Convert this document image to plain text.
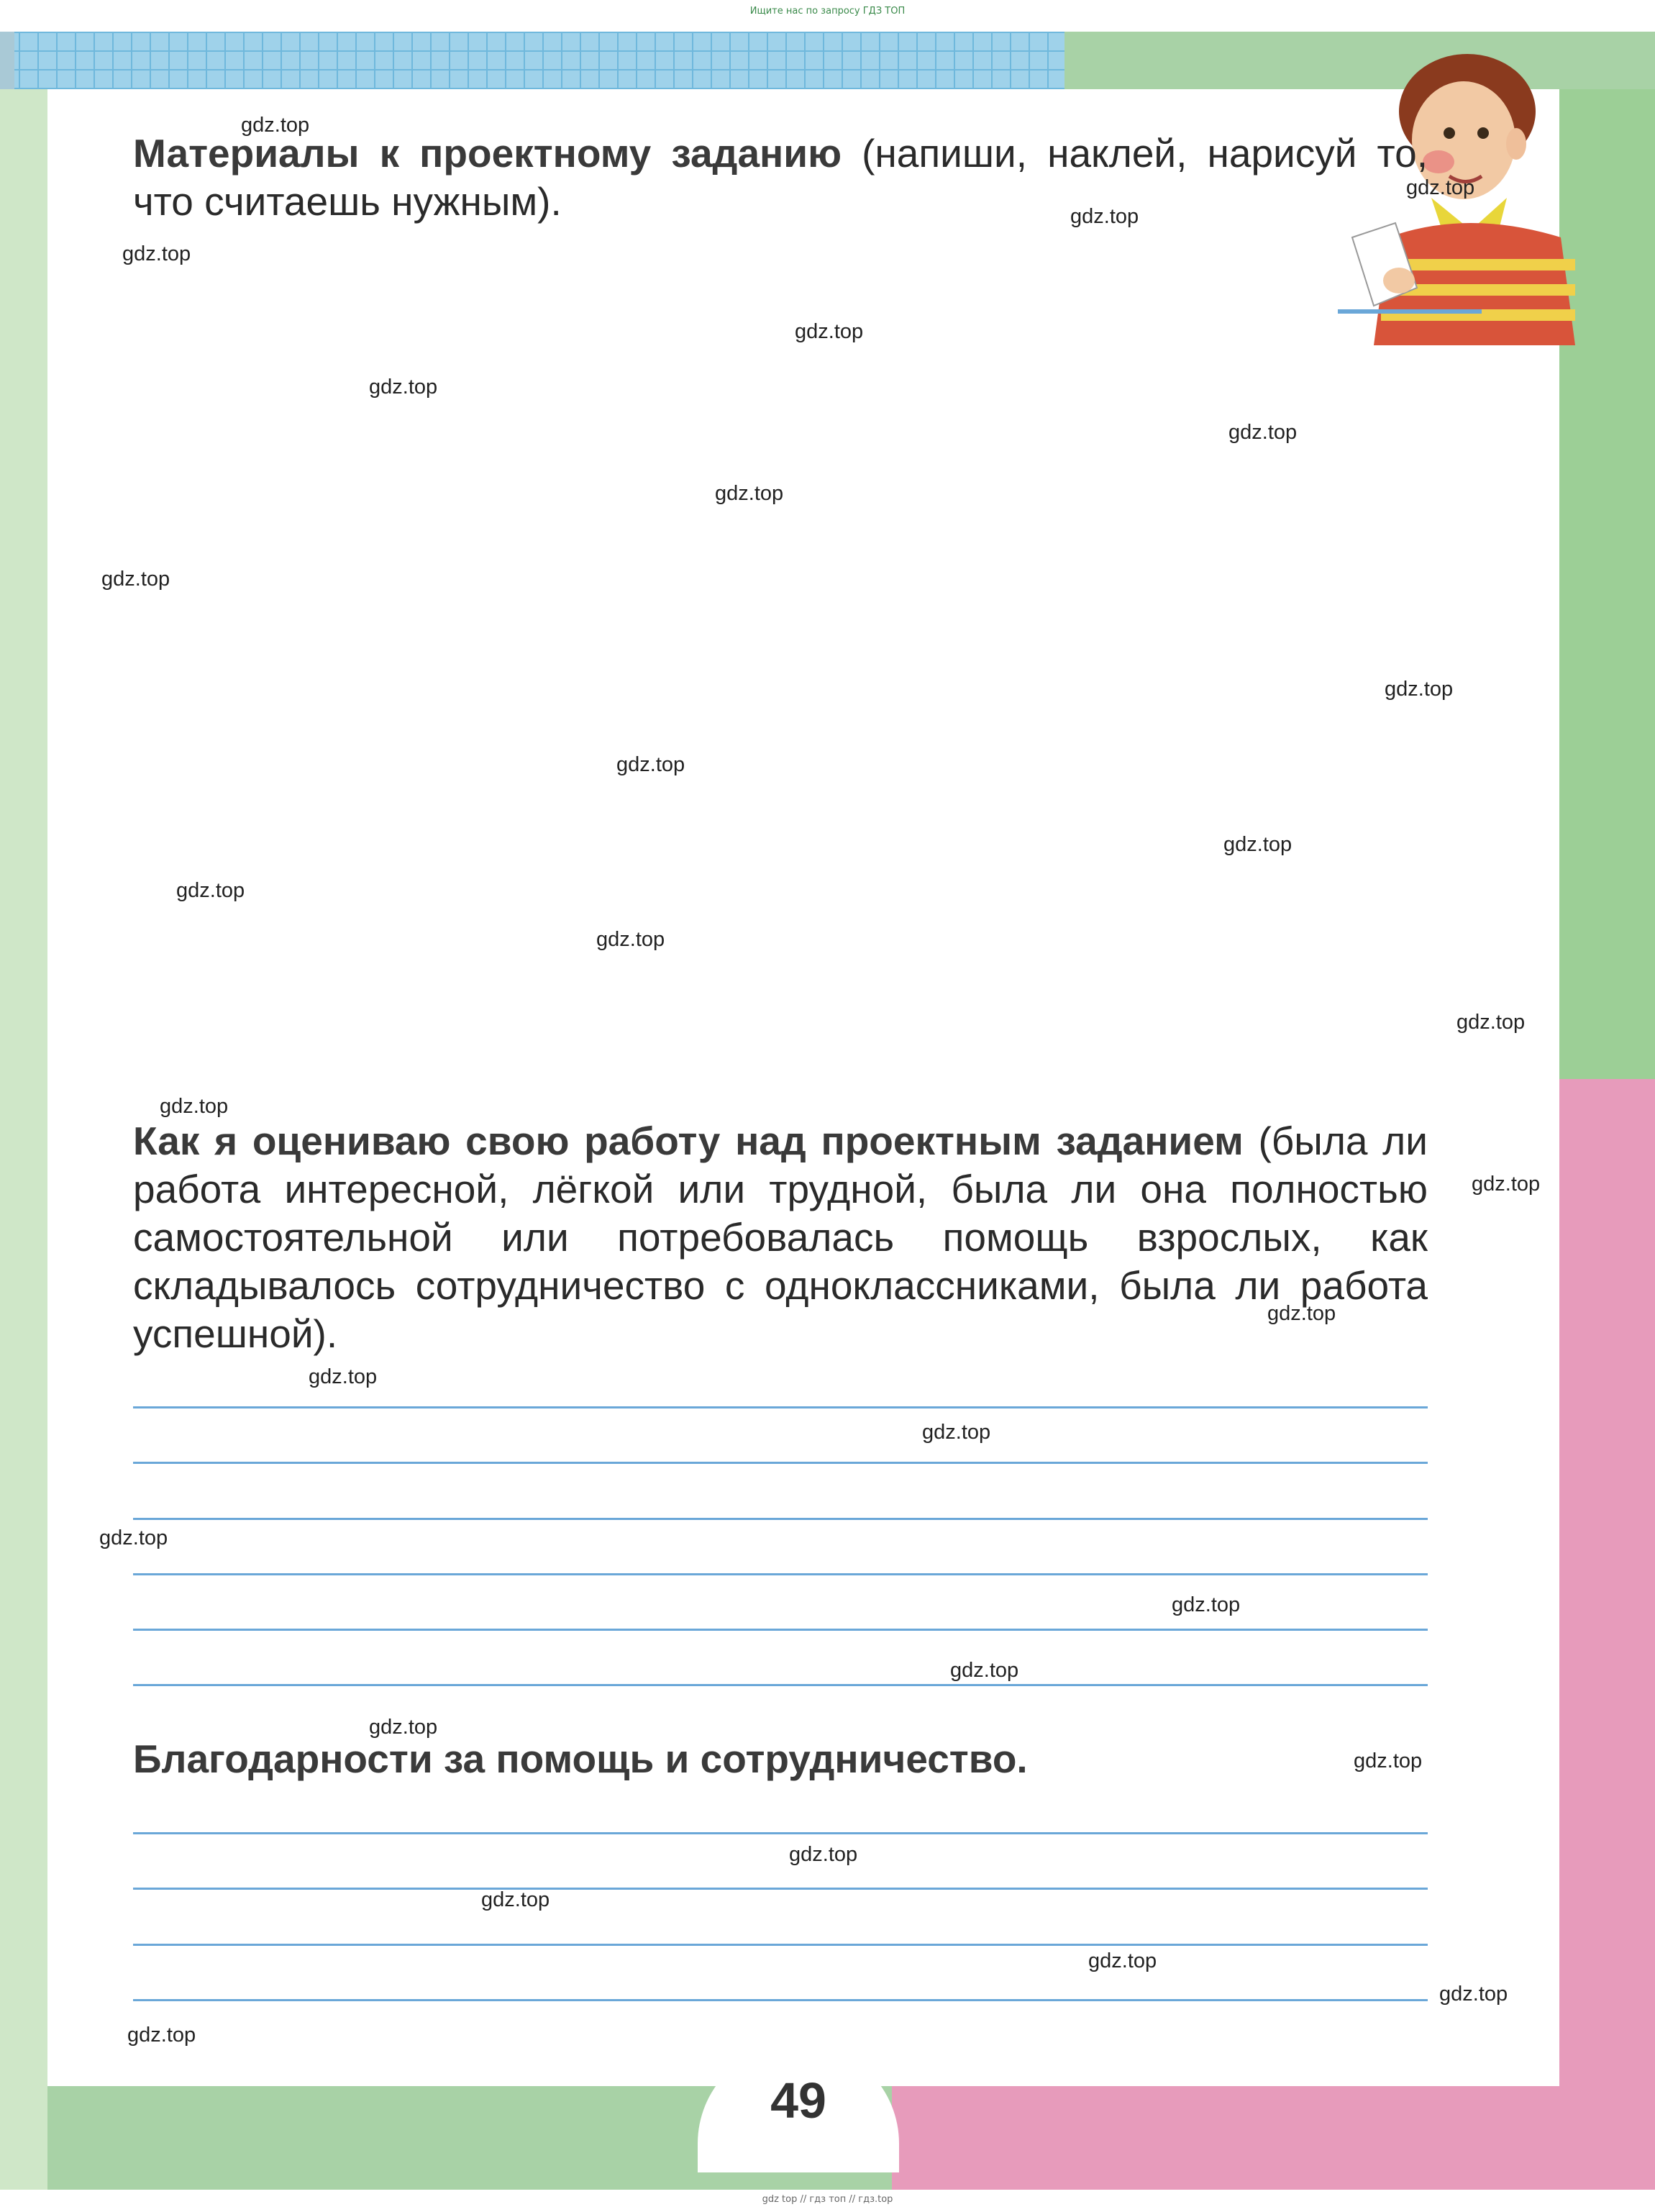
Ищите нас по запросу ГДЗ ТОП
Материалы к проектному заданию (напиши, наклей, нарисуй то, что считаешь нужным).
Как я оцениваю свою работу над проектным заданием (была ли работа интересной, лёгкой или трудной, была ли она полностью самостоятельной или потребовалась помощь взрослых, как складывалось сотрудничество с одноклассниками, была ли работа успешной).
Благодарности за помощь и сотрудничество.
49
gdz.top
gdz.top
gdz.top
gdz.top
gdz.top
gdz.top
gdz.top
gdz.top
gdz.top
gdz.top
gdz.top
gdz.top
gdz.top
gdz.top
gdz.top
gdz.top
gdz.top
gdz.top
gdz.top
gdz.top
gdz.top
gdz.top
gdz.top
gdz.top
gdz.top
gdz.top
gdz.top
gdz.top
gdz.top
gdz.top
gdz top // гдз топ // гдз.top
